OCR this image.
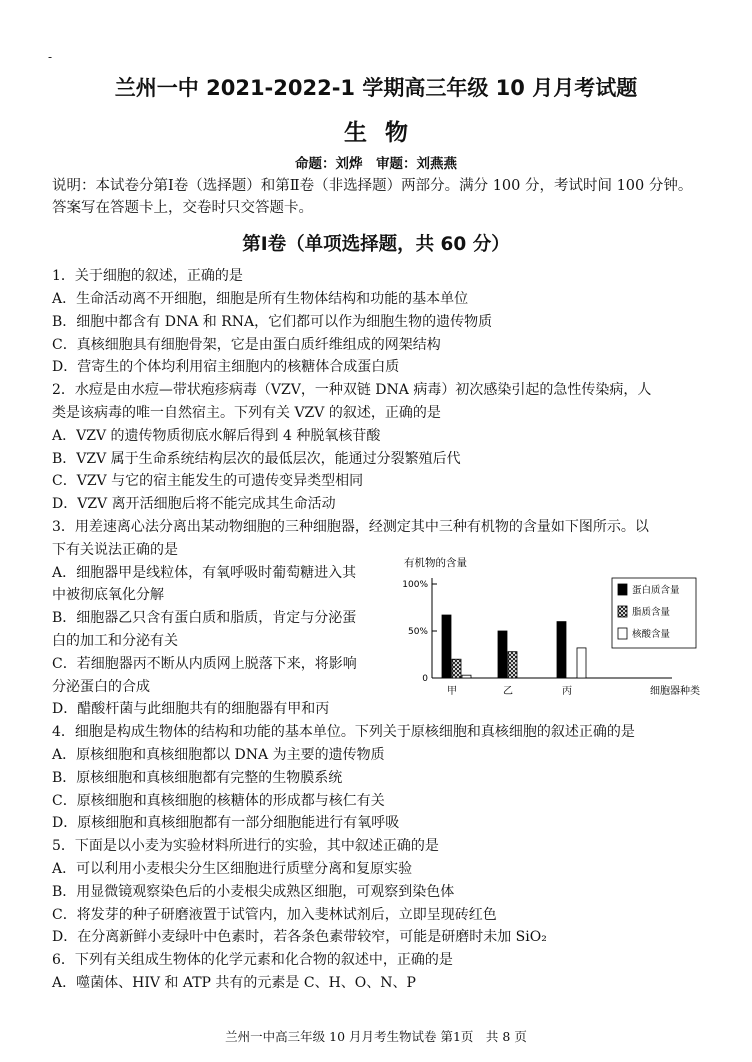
-
兰州一中 2021-2022-1 学期高三年级 10 月月考试题
生物
命题：刘烨　审题：刘燕燕
说明：本试卷分第Ⅰ卷（选择题）和第Ⅱ卷（非选择题）两部分。满分 100 分，考试时间 100 分钟。答案写在答题卡上，交卷时只交答题卡。
第Ⅰ卷（单项选择题，共 60 分）
1．关于细胞的叙述，正确的是
A．生命活动离不开细胞，细胞是所有生物体结构和功能的基本单位
B．细胞中都含有 DNA 和 RNA，它们都可以作为细胞生物的遗传物质
C．真核细胞具有细胞骨架，它是由蛋白质纤维组成的网架结构
D．营寄生的个体均利用宿主细胞内的核糖体合成蛋白质
2．水痘是由水痘—带状疱疹病毒（VZV，一种双链 DNA 病毒）初次感染引起的急性传染病，人
类是该病毒的唯一自然宿主。下列有关 VZV 的叙述，正确的是
A．VZV 的遗传物质彻底水解后得到 4 种脱氧核苷酸
B．VZV 属于生命系统结构层次的最低层次，能通过分裂繁殖后代
C．VZV 与它的宿主能发生的可遗传变异类型相同
D．VZV 离开活细胞后将不能完成其生命活动
3．用差速离心法分离出某动物细胞的三种细胞器，经测定其中三种有机物的含量如下图所示。以
下有关说法正确的是
A．细胞器甲是线粒体，有氧呼吸时葡萄糖进入其
中被彻底氧化分解
B．细胞器乙只含有蛋白质和脂质，肯定与分泌蛋
白的加工和分泌有关
C．若细胞器丙不断从内质网上脱落下来，将影响
分泌蛋白的合成
D．醋酸杆菌与此细胞共有的细胞器有甲和丙
4．细胞是构成生物体的结构和功能的基本单位。下列关于原核细胞和真核细胞的叙述正确的是
A．原核细胞和真核细胞都以 DNA 为主要的遗传物质
B．原核细胞和真核细胞都有完整的生物膜系统
C．原核细胞和真核细胞的核糖体的形成都与核仁有关
D．原核细胞和真核细胞都有一部分细胞能进行有氧呼吸
5．下面是以小麦为实验材料所进行的实验，其中叙述正确的是
A．可以利用小麦根尖分生区细胞进行质壁分离和复原实验
B．用显微镜观察染色后的小麦根尖成熟区细胞，可观察到染色体
C．将发芽的种子研磨液置于试管内，加入斐林试剂后，立即呈现砖红色
D．在分离新鲜小麦绿叶中色素时，若各条色素带较窄，可能是研磨时未加 SiO₂
6．下列有关组成生物体的化学元素和化合物的叙述中，正确的是
A．噬菌体、HIV 和 ATP 共有的元素是 C、H、O、N、P
有机物的含量
0
50%
100%
细胞器种类
甲	乙	丙
蛋白质含量
脂质含量
核酸含量
兰州一中高三年级 10 月月考生物试卷 第1页　共 8 页
